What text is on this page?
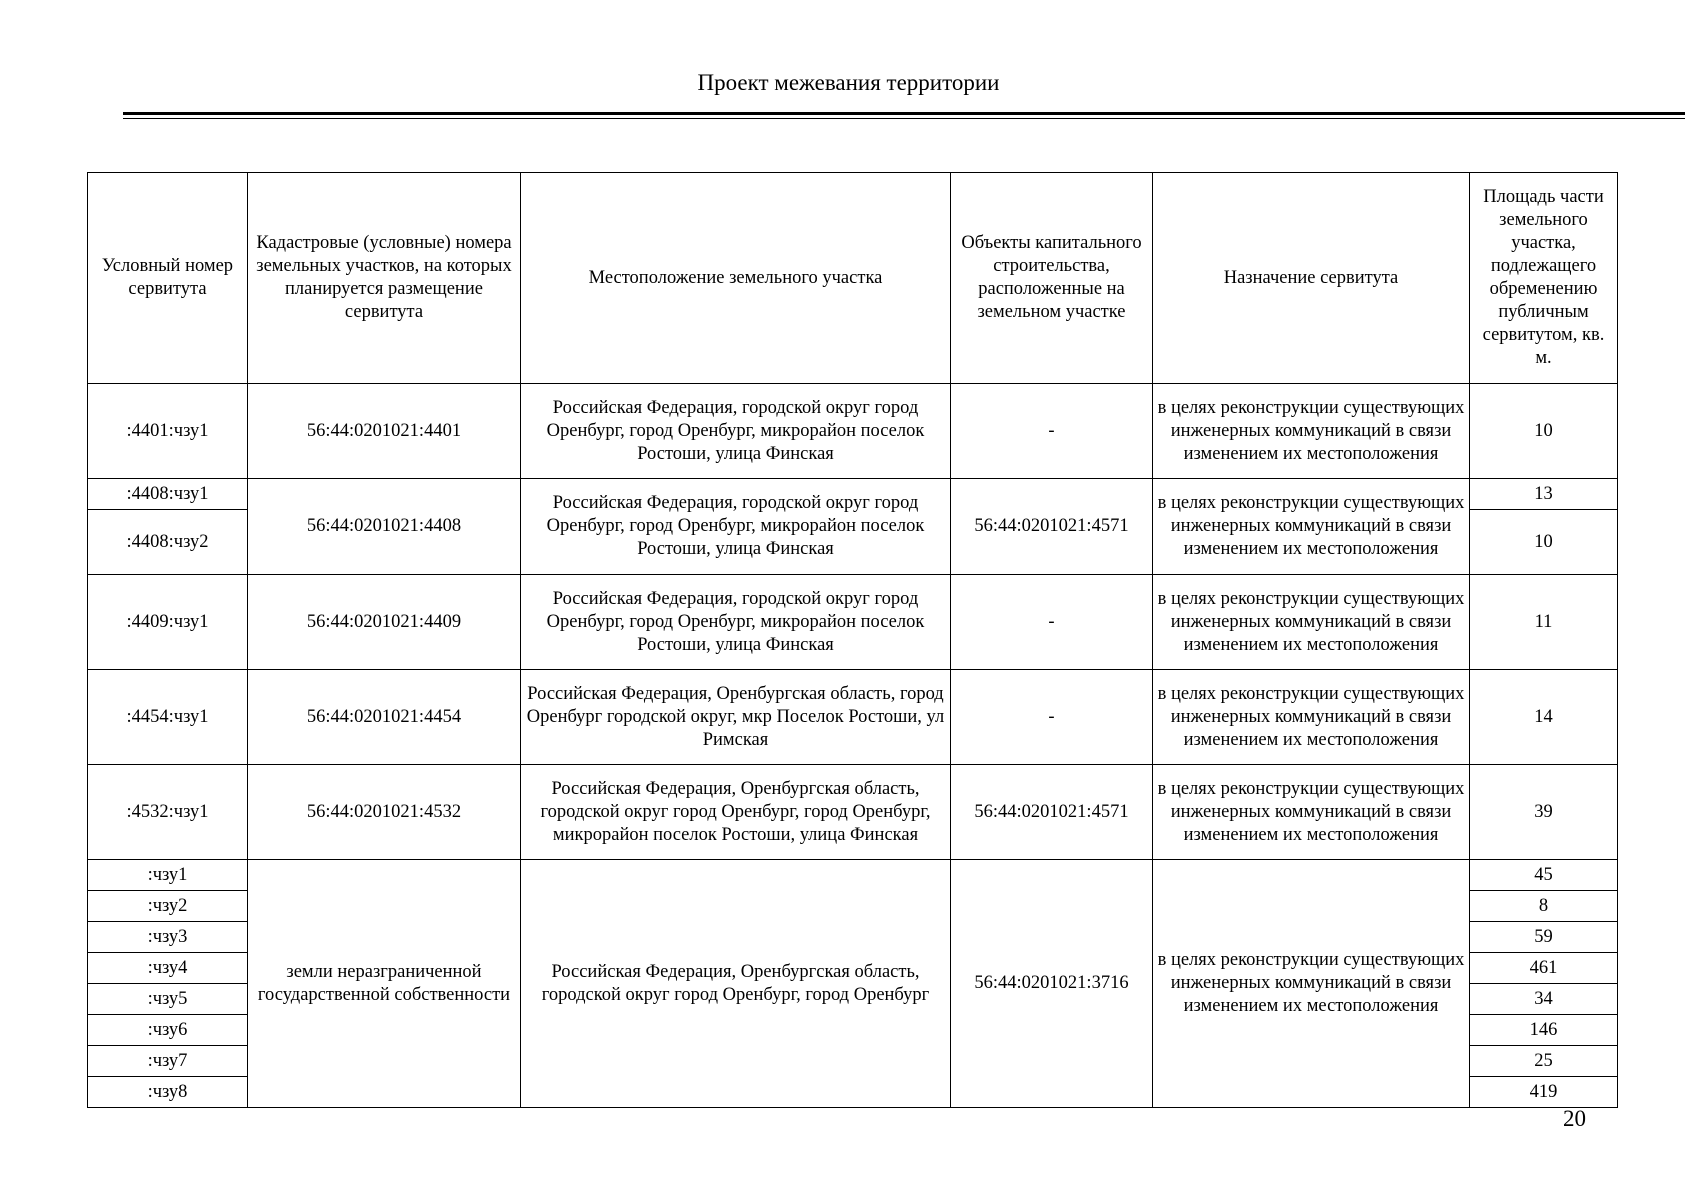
Проект межевания территории
Условный номер сервитута	Кадастровые (условные) номера земельных участков, на которых планируется размещение сервитута	Местоположение земельного участка	Объекты капитального строительства, расположенные на земельном участке	Назначение сервитута	Площадь части земельного участка, подлежащего обременению публичным сервитутом, кв. м.
:4401:чзу1	56:44:0201021:4401	Российская Федерация, городской округ город Оренбург, город Оренбург, микрорайон поселок Ростоши, улица Финская	-	в целях реконструкции существующих инженерных коммуникаций в связи изменением их местоположения	10
:4408:чзу1	56:44:0201021:4408	Российская Федерация, городской округ город Оренбург, город Оренбург, микрорайон поселок Ростоши, улица Финская	56:44:0201021:4571	в целях реконструкции существующих инженерных коммуникаций в связи изменением их местоположения	13
:4408:чзу2					10
:4409:чзу1	56:44:0201021:4409	Российская Федерация, городской округ город Оренбург, город Оренбург, микрорайон поселок Ростоши, улица Финская	-	в целях реконструкции существующих инженерных коммуникаций в связи изменением их местоположения	11
:4454:чзу1	56:44:0201021:4454	Российская Федерация, Оренбургская область, город Оренбург городской округ, мкр Поселок Ростоши, ул Римская	-	в целях реконструкции существующих инженерных коммуникаций в связи изменением их местоположения	14
:4532:чзу1	56:44:0201021:4532	Российская Федерация, Оренбургская область, городской округ город Оренбург, город Оренбург, микрорайон поселок Ростоши, улица Финская	56:44:0201021:4571	в целях реконструкции существующих инженерных коммуникаций в связи изменением их местоположения	39
:чзу1	земли неразграниченной государственной собственности	Российская Федерация, Оренбургская область, городской округ город Оренбург, город Оренбург	56:44:0201021:3716	в целях реконструкции существующих инженерных коммуникаций в связи изменением их местоположения	45
:чзу2					8
:чзу3					59
:чзу4					461
:чзу5					34
:чзу6					146
:чзу7					25
:чзу8					419
20
